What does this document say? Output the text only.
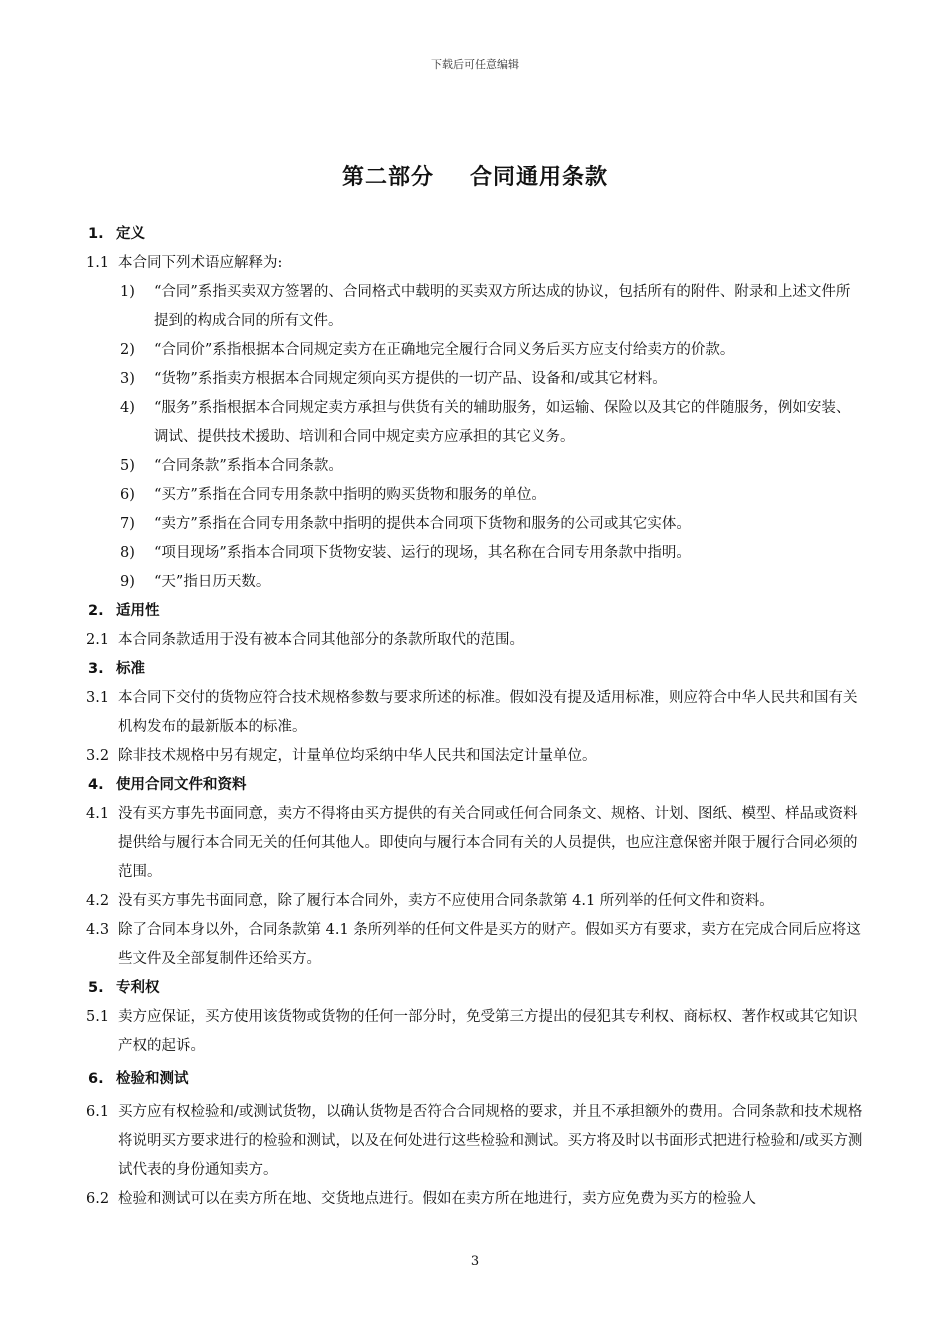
下载后可任意编辑
第二部分 合同通用条款
1. 定义
1.1 本合同下列术语应解释为:
1) “合同”系指买卖双方签署的、合同格式中载明的买卖双方所达成的协议，包括所有的附件、附录和上述文件所提到的构成合同的所有文件。
2) “合同价”系指根据本合同规定卖方在正确地完全履行合同义务后买方应支付给卖方的价款。
3) “货物”系指卖方根据本合同规定须向买方提供的一切产品、设备和/或其它材料。
4) “服务”系指根据本合同规定卖方承担与供货有关的辅助服务，如运输、保险以及其它的伴随服务，例如安装、调试、提供技术援助、培训和合同中规定卖方应承担的其它义务。
5) “合同条款”系指本合同条款。
6) “买方”系指在合同专用条款中指明的购买货物和服务的单位。
7) “卖方”系指在合同专用条款中指明的提供本合同项下货物和服务的公司或其它实体。
8) “项目现场”系指本合同项下货物安装、运行的现场，其名称在合同专用条款中指明。
9) “天”指日历天数。
2. 适用性
2.1 本合同条款适用于没有被本合同其他部分的条款所取代的范围。
3. 标准
3.1 本合同下交付的货物应符合技术规格参数与要求所述的标准。假如没有提及适用标准，则应符合中华人民共和国有关机构发布的最新版本的标准。
3.2 除非技术规格中另有规定，计量单位均采纳中华人民共和国法定计量单位。
4. 使用合同文件和资料
4.1 没有买方事先书面同意，卖方不得将由买方提供的有关合同或任何合同条文、规格、计划、图纸、模型、样品或资料提供给与履行本合同无关的任何其他人。即使向与履行本合同有关的人员提供，也应注意保密并限于履行合同必须的范围。
4.2 没有买方事先书面同意，除了履行本合同外，卖方不应使用合同条款第 4.1 所列举的任何文件和资料。
4.3 除了合同本身以外，合同条款第 4.1 条所列举的任何文件是买方的财产。假如买方有要求，卖方在完成合同后应将这些文件及全部复制件还给买方。
5. 专利权
5.1 卖方应保证，买方使用该货物或货物的任何一部分时，免受第三方提出的侵犯其专利权、商标权、著作权或其它知识产权的起诉。
6. 检验和测试
6.1 买方应有权检验和/或测试货物，以确认货物是否符合合同规格的要求，并且不承担额外的费用。合同条款和技术规格将说明买方要求进行的检验和测试，以及在何处进行这些检验和测试。买方将及时以书面形式把进行检验和/或买方测试代表的身份通知卖方。
6.2 检验和测试可以在卖方所在地、交货地点进行。假如在卖方所在地进行，卖方应免费为买方的检验人
3
